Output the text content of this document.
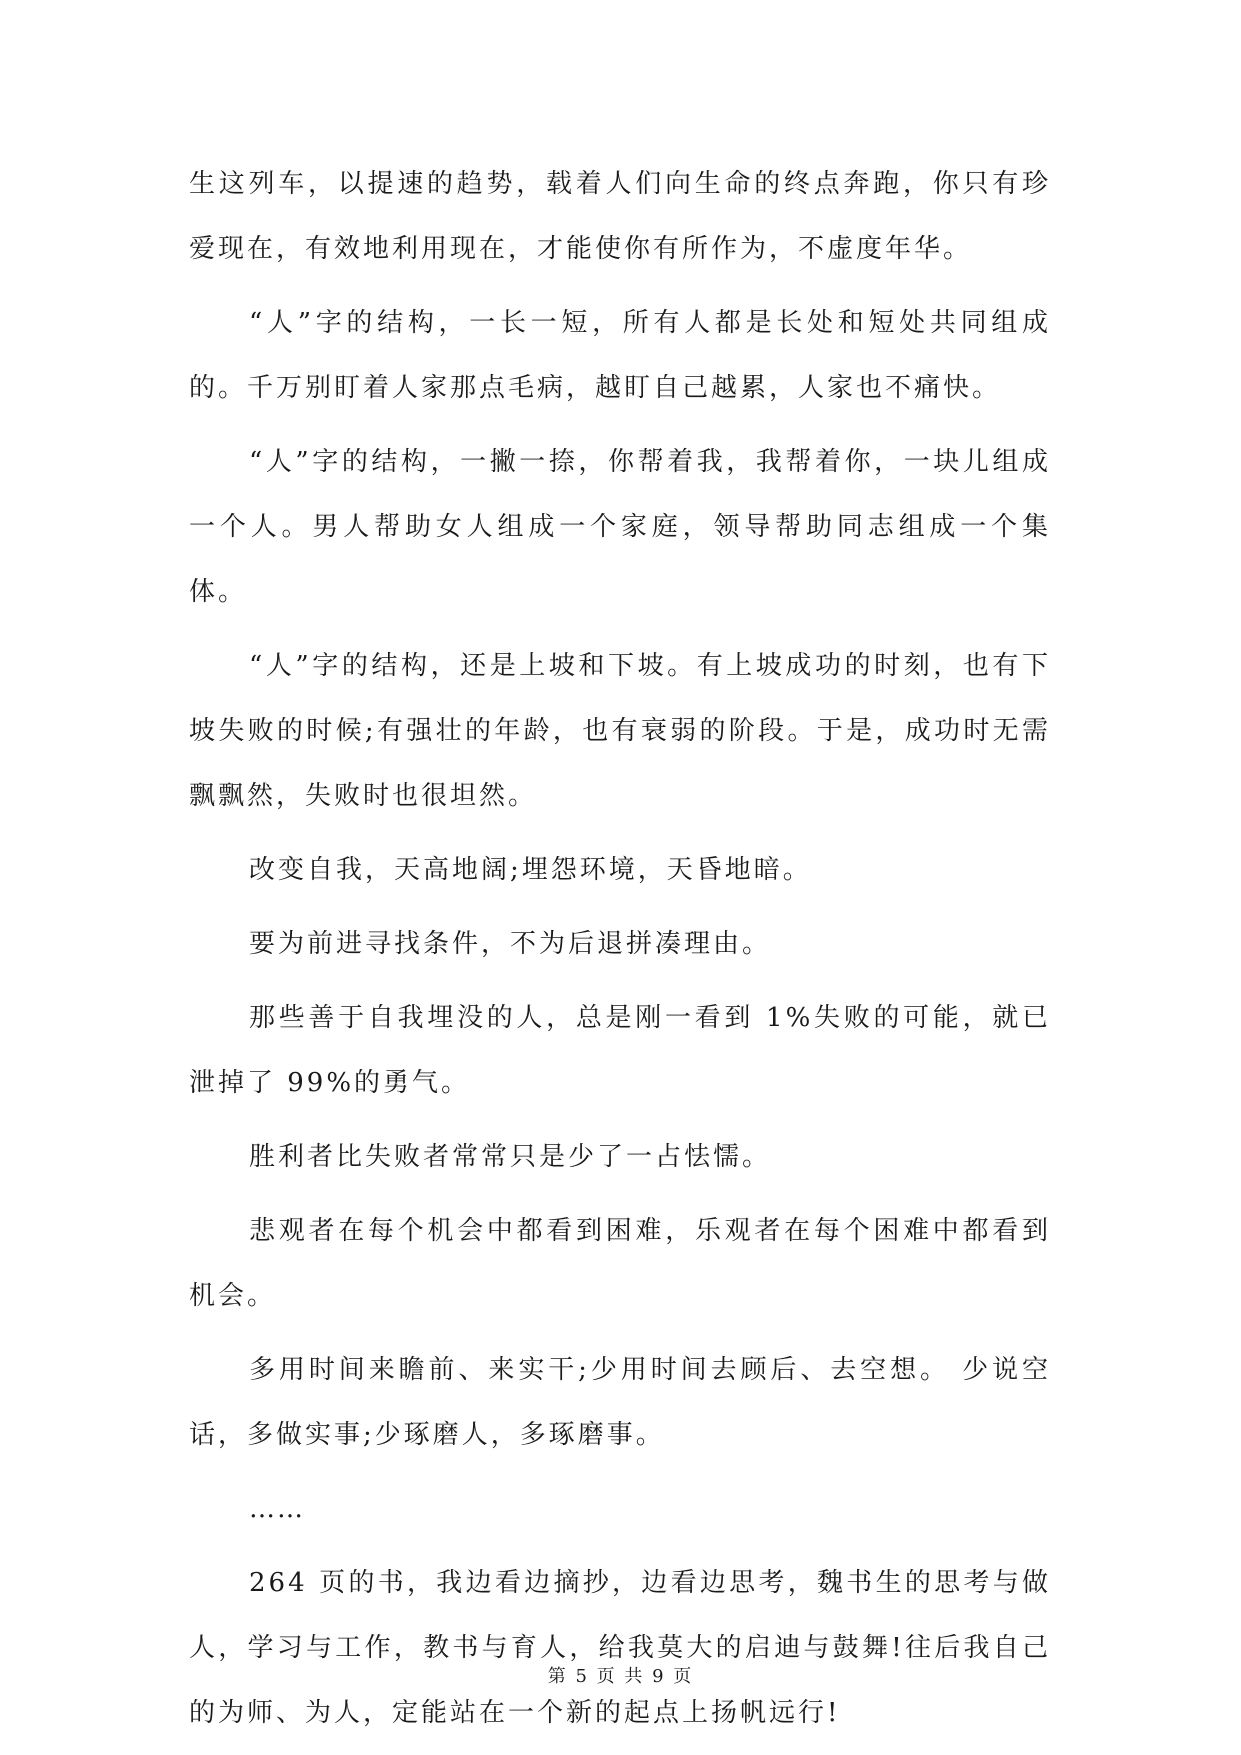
生这列车，以提速的趋势，载着人们向生命的终点奔跑，你只有珍爱现在，有效地利用现在，才能使你有所作为，不虚度年华。

“人”字的结构，一长一短，所有人都是长处和短处共同组成的。千万别盯着人家那点毛病，越盯自己越累，人家也不痛快。

“人”字的结构，一撇一捺，你帮着我，我帮着你，一块儿组成一个人。男人帮助女人组成一个家庭，领导帮助同志组成一个集体。

“人”字的结构，还是上坡和下坡。有上坡成功的时刻，也有下坡失败的时候;有强壮的年龄，也有衰弱的阶段。于是，成功时无需飘飘然，失败时也很坦然。

改变自我，天高地阔;埋怨环境，天昏地暗。

要为前进寻找条件，不为后退拼凑理由。

那些善于自我埋没的人，总是刚一看到 1%失败的可能，就已泄掉了 99%的勇气。

胜利者比失败者常常只是少了一占怯懦。

悲观者在每个机会中都看到困难，乐观者在每个困难中都看到机会。

多用时间来瞻前、来实干;少用时间去顾后、去空想。 少说空话，多做实事;少琢磨人，多琢磨事。

……

264 页的书，我边看边摘抄，边看边思考，魏书生的思考与做人，学习与工作，教书与育人，给我莫大的启迪与鼓舞!往后我自己的为师、为人，定能站在一个新的起点上扬帆远行!

第 5 页 共 9 页
